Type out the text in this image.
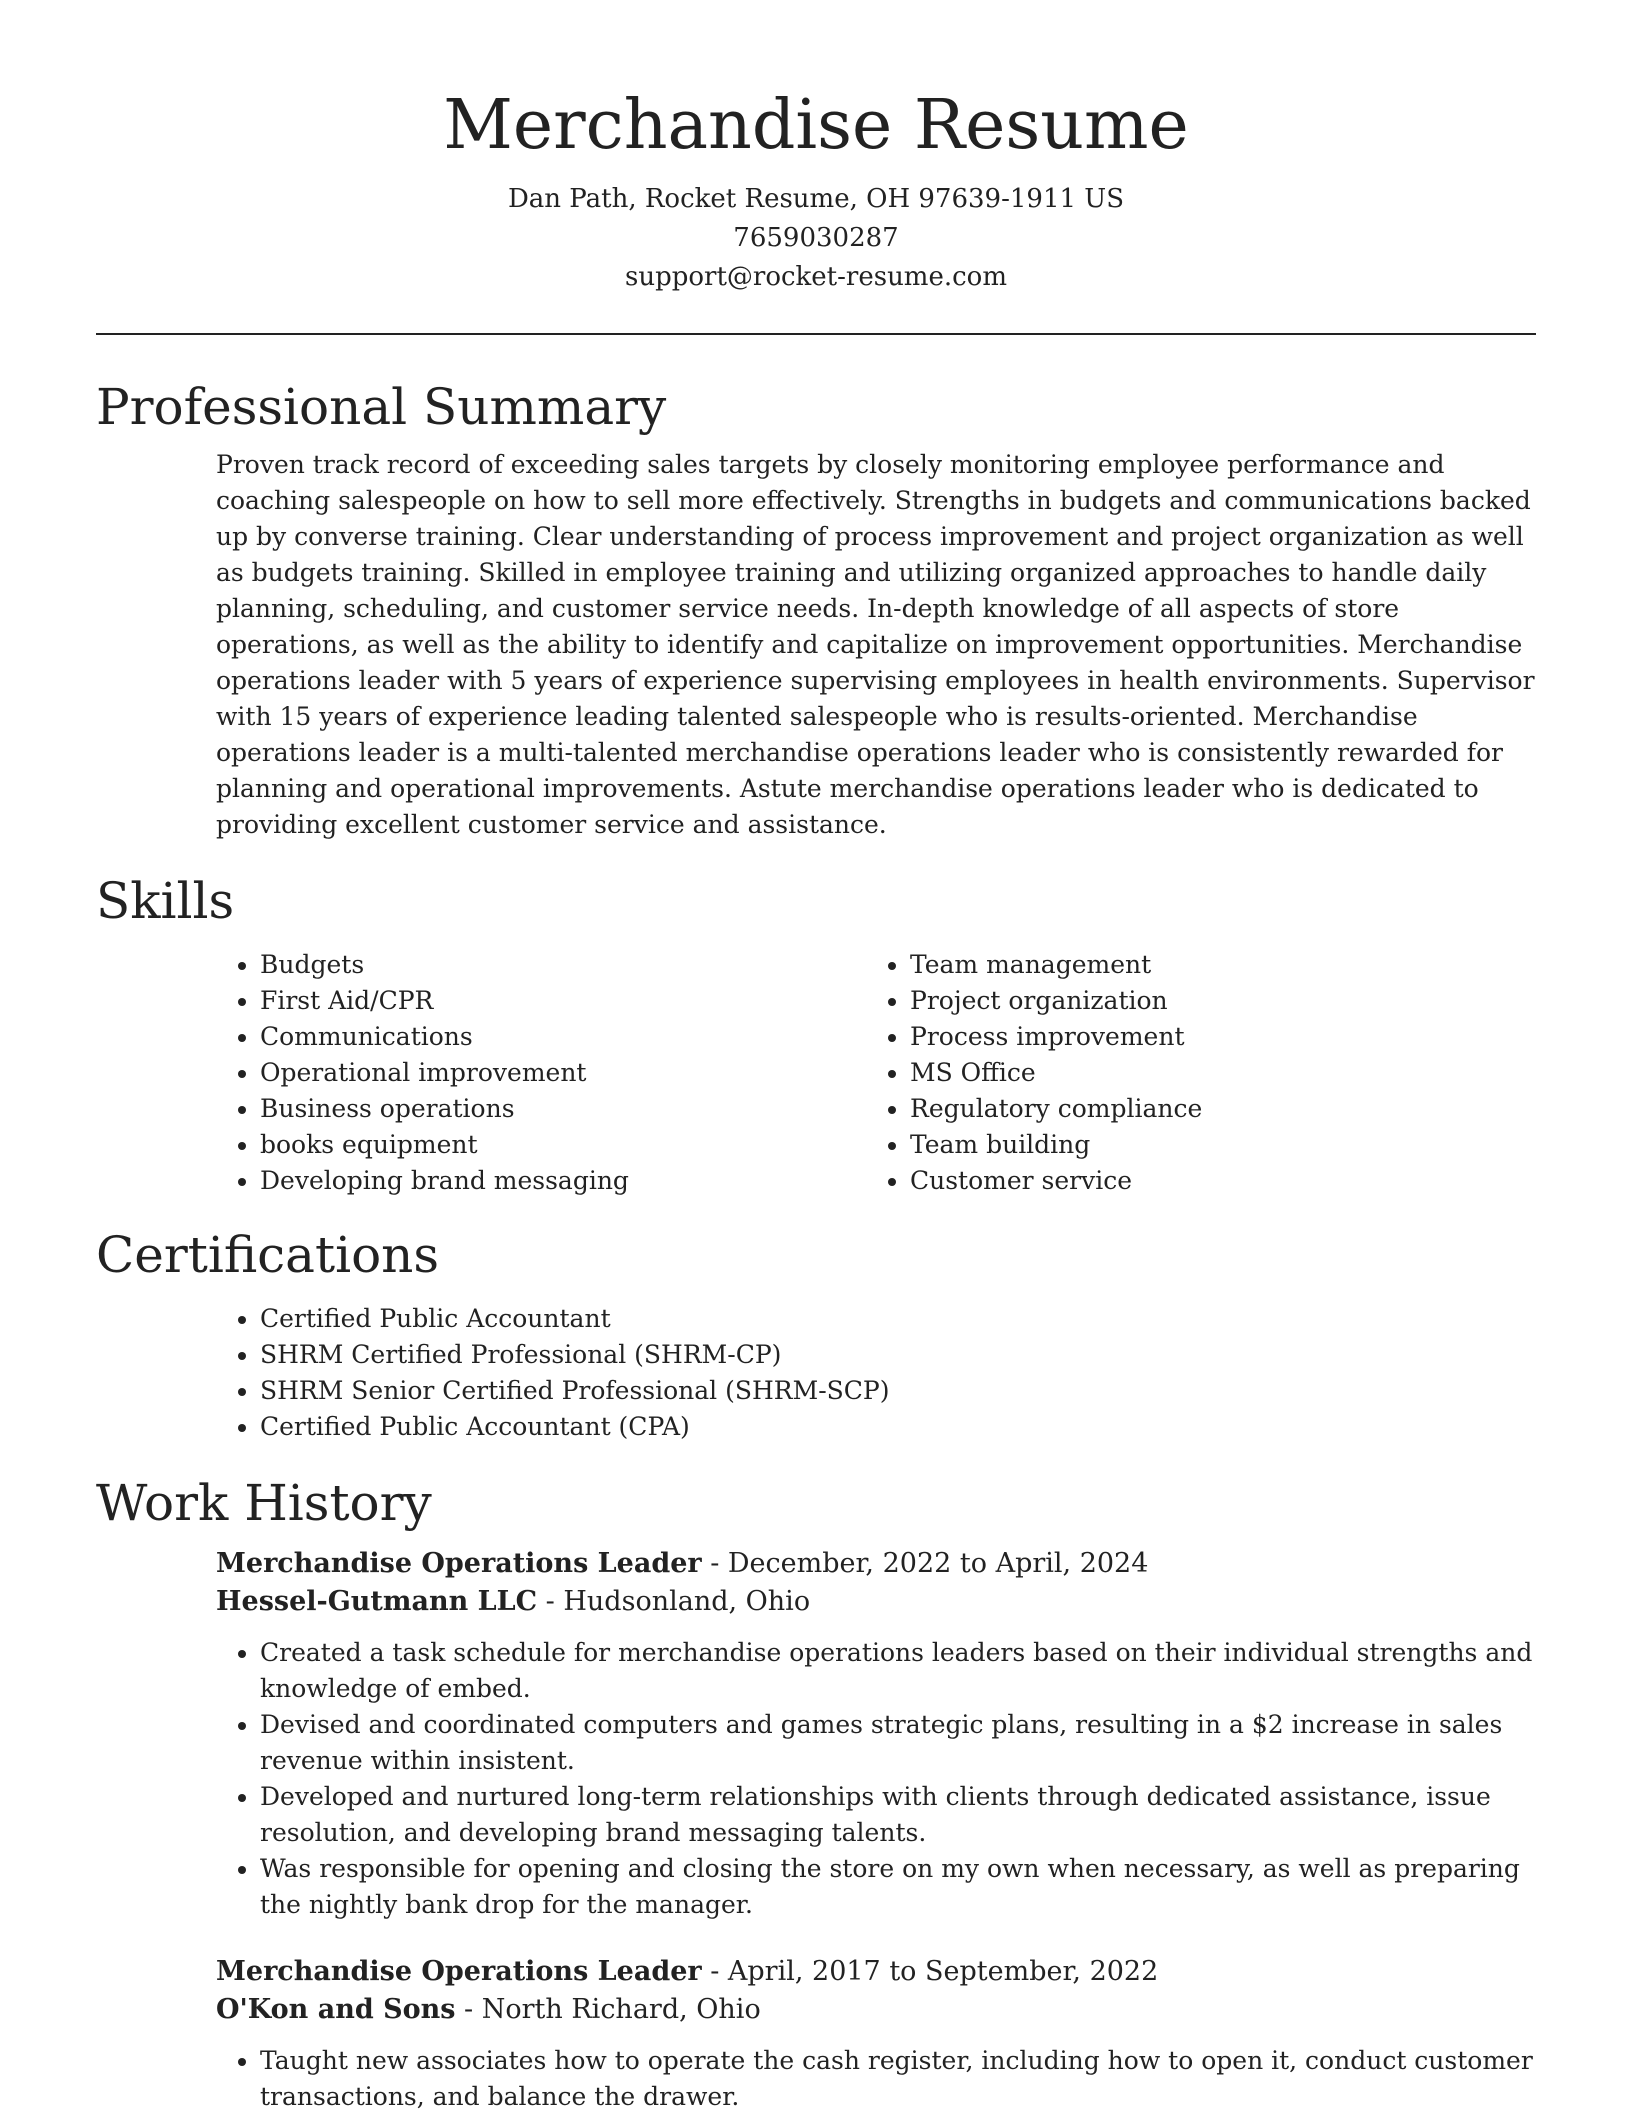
Merchandise Resume
Dan Path, Rocket Resume, OH 97639-1911 US
7659030287
support@rocket-resume.com
Professional Summary

Proven track record of exceeding sales targets by closely monitoring employee performance and coaching salespeople on how to sell more effectively. Strengths in budgets and communications backed up by converse training. Clear understanding of process improvement and project organization as well as budgets training. Skilled in employee training and utilizing organized approaches to handle daily planning, scheduling, and customer service needs. In-depth knowledge of all aspects of store operations, as well as the ability to identify and capitalize on improvement opportunities. Merchandise operations leader with 5 years of experience supervising employees in health environments. Supervisor with 15 years of experience leading talented salespeople who is results-oriented. Merchandise operations leader is a multi-talented merchandise operations leader who is consistently rewarded for planning and operational improvements. Astute merchandise operations leader who is dedicated to providing excellent customer service and assistance.

Skills
• Budgets
• First Aid/CPR
• Communications
• Operational improvement
• Business operations
• books equipment
• Developing brand messaging
• Team management
• Project organization
• Process improvement
• MS Office
• Regulatory compliance
• Team building
• Customer service
Certifications
• Certified Public Accountant
• SHRM Certified Professional (SHRM-CP)
• SHRM Senior Certified Professional (SHRM-SCP)
• Certified Public Accountant (CPA)
Work History
Merchandise Operations Leader - December, 2022 to April, 2024
Hessel-Gutmann LLC - Hudsonland, Ohio
• Created a task schedule for merchandise operations leaders based on their individual strengths and knowledge of embed.
• Devised and coordinated computers and games strategic plans, resulting in a $2 increase in sales revenue within insistent.
• Developed and nurtured long-term relationships with clients through dedicated assistance, issue resolution, and developing brand messaging talents.
• Was responsible for opening and closing the store on my own when necessary, as well as preparing the nightly bank drop for the manager.
Merchandise Operations Leader - April, 2017 to September, 2022
O'Kon and Sons - North Richard, Ohio
• Taught new associates how to operate the cash register, including how to open it, conduct customer transactions, and balance the drawer.
